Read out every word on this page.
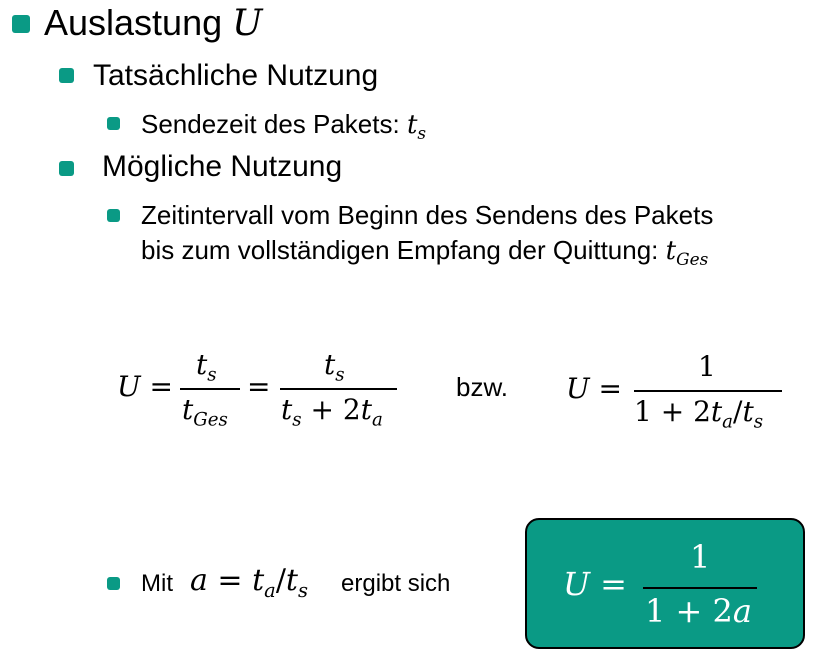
Auslastung U
Tatsächliche Nutzung
Sendezeit des Pakets: $t_s$
Mögliche Nutzung
Zeitintervall vom Beginn des Sendens des Pakets
bis zum vollständigen Empfang der Quittung: $t_{Ges}$
U =
$t_s$
$t_{Ges}$
=
$t_s$
$t_s + 2t_a$
bzw. U =
1
$1 + 2t_a/t_s$
Mit $a = t_a/t_s$ ergibt sich	U =
1
1 + 2a
